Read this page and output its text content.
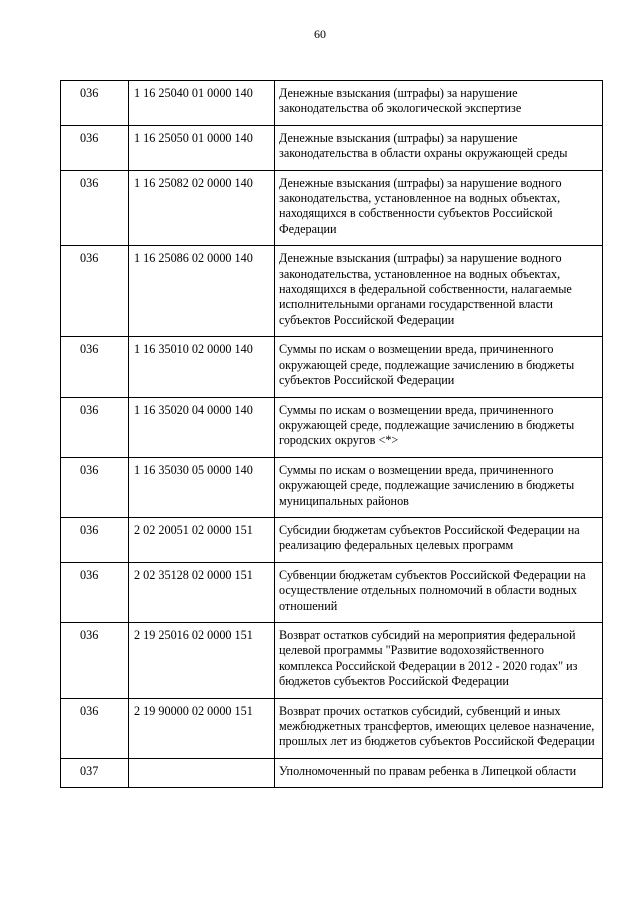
60
036	1 16 25040 01 0000 140	Денежные взыскания (штрафы) за нарушение законодательства об экологической экспертизе
036	1 16 25050 01 0000 140	Денежные взыскания (штрафы) за нарушение законодательства в области охраны окружающей среды
036	1 16 25082 02 0000 140	Денежные взыскания (штрафы) за нарушение водного законодательства, установленное на водных объектах, находящихся в собственности субъектов Российской Федерации
036	1 16 25086 02 0000 140	Денежные взыскания (штрафы) за нарушение водного законодательства, установленное на водных объектах, находящихся в федеральной собственности, налагаемые исполнительными органами государственной власти субъектов Российской Федерации
036	1 16 35010 02 0000 140	Суммы по искам о возмещении вреда, причиненного окружающей среде, подлежащие зачислению в бюджеты субъектов Российской Федерации
036	1 16 35020 04 0000 140	Суммы по искам о возмещении вреда, причиненного окружающей среде, подлежащие зачислению в бюджеты городских округов <*>
036	1 16 35030 05 0000 140	Суммы по искам о возмещении вреда, причиненного окружающей среде, подлежащие зачислению в бюджеты муниципальных районов
036	2 02 20051 02 0000 151	Субсидии бюджетам субъектов Российской Федерации на реализацию федеральных целевых программ
036	2 02 35128 02 0000 151	Субвенции бюджетам субъектов Российской Федерации на осуществление отдельных полномочий в области водных отношений
036	2 19 25016 02 0000 151	Возврат остатков субсидий на мероприятия федеральной целевой программы "Развитие водохозяйственного комплекса Российской Федерации в 2012 - 2020 годах" из бюджетов субъектов Российской Федерации
036	2 19 90000 02 0000 151	Возврат прочих остатков субсидий, субвенций и иных межбюджетных трансфертов, имеющих целевое назначение, прошлых лет из бюджетов субъектов Российской Федерации
037		Уполномоченный по правам ребенка в Липецкой области
